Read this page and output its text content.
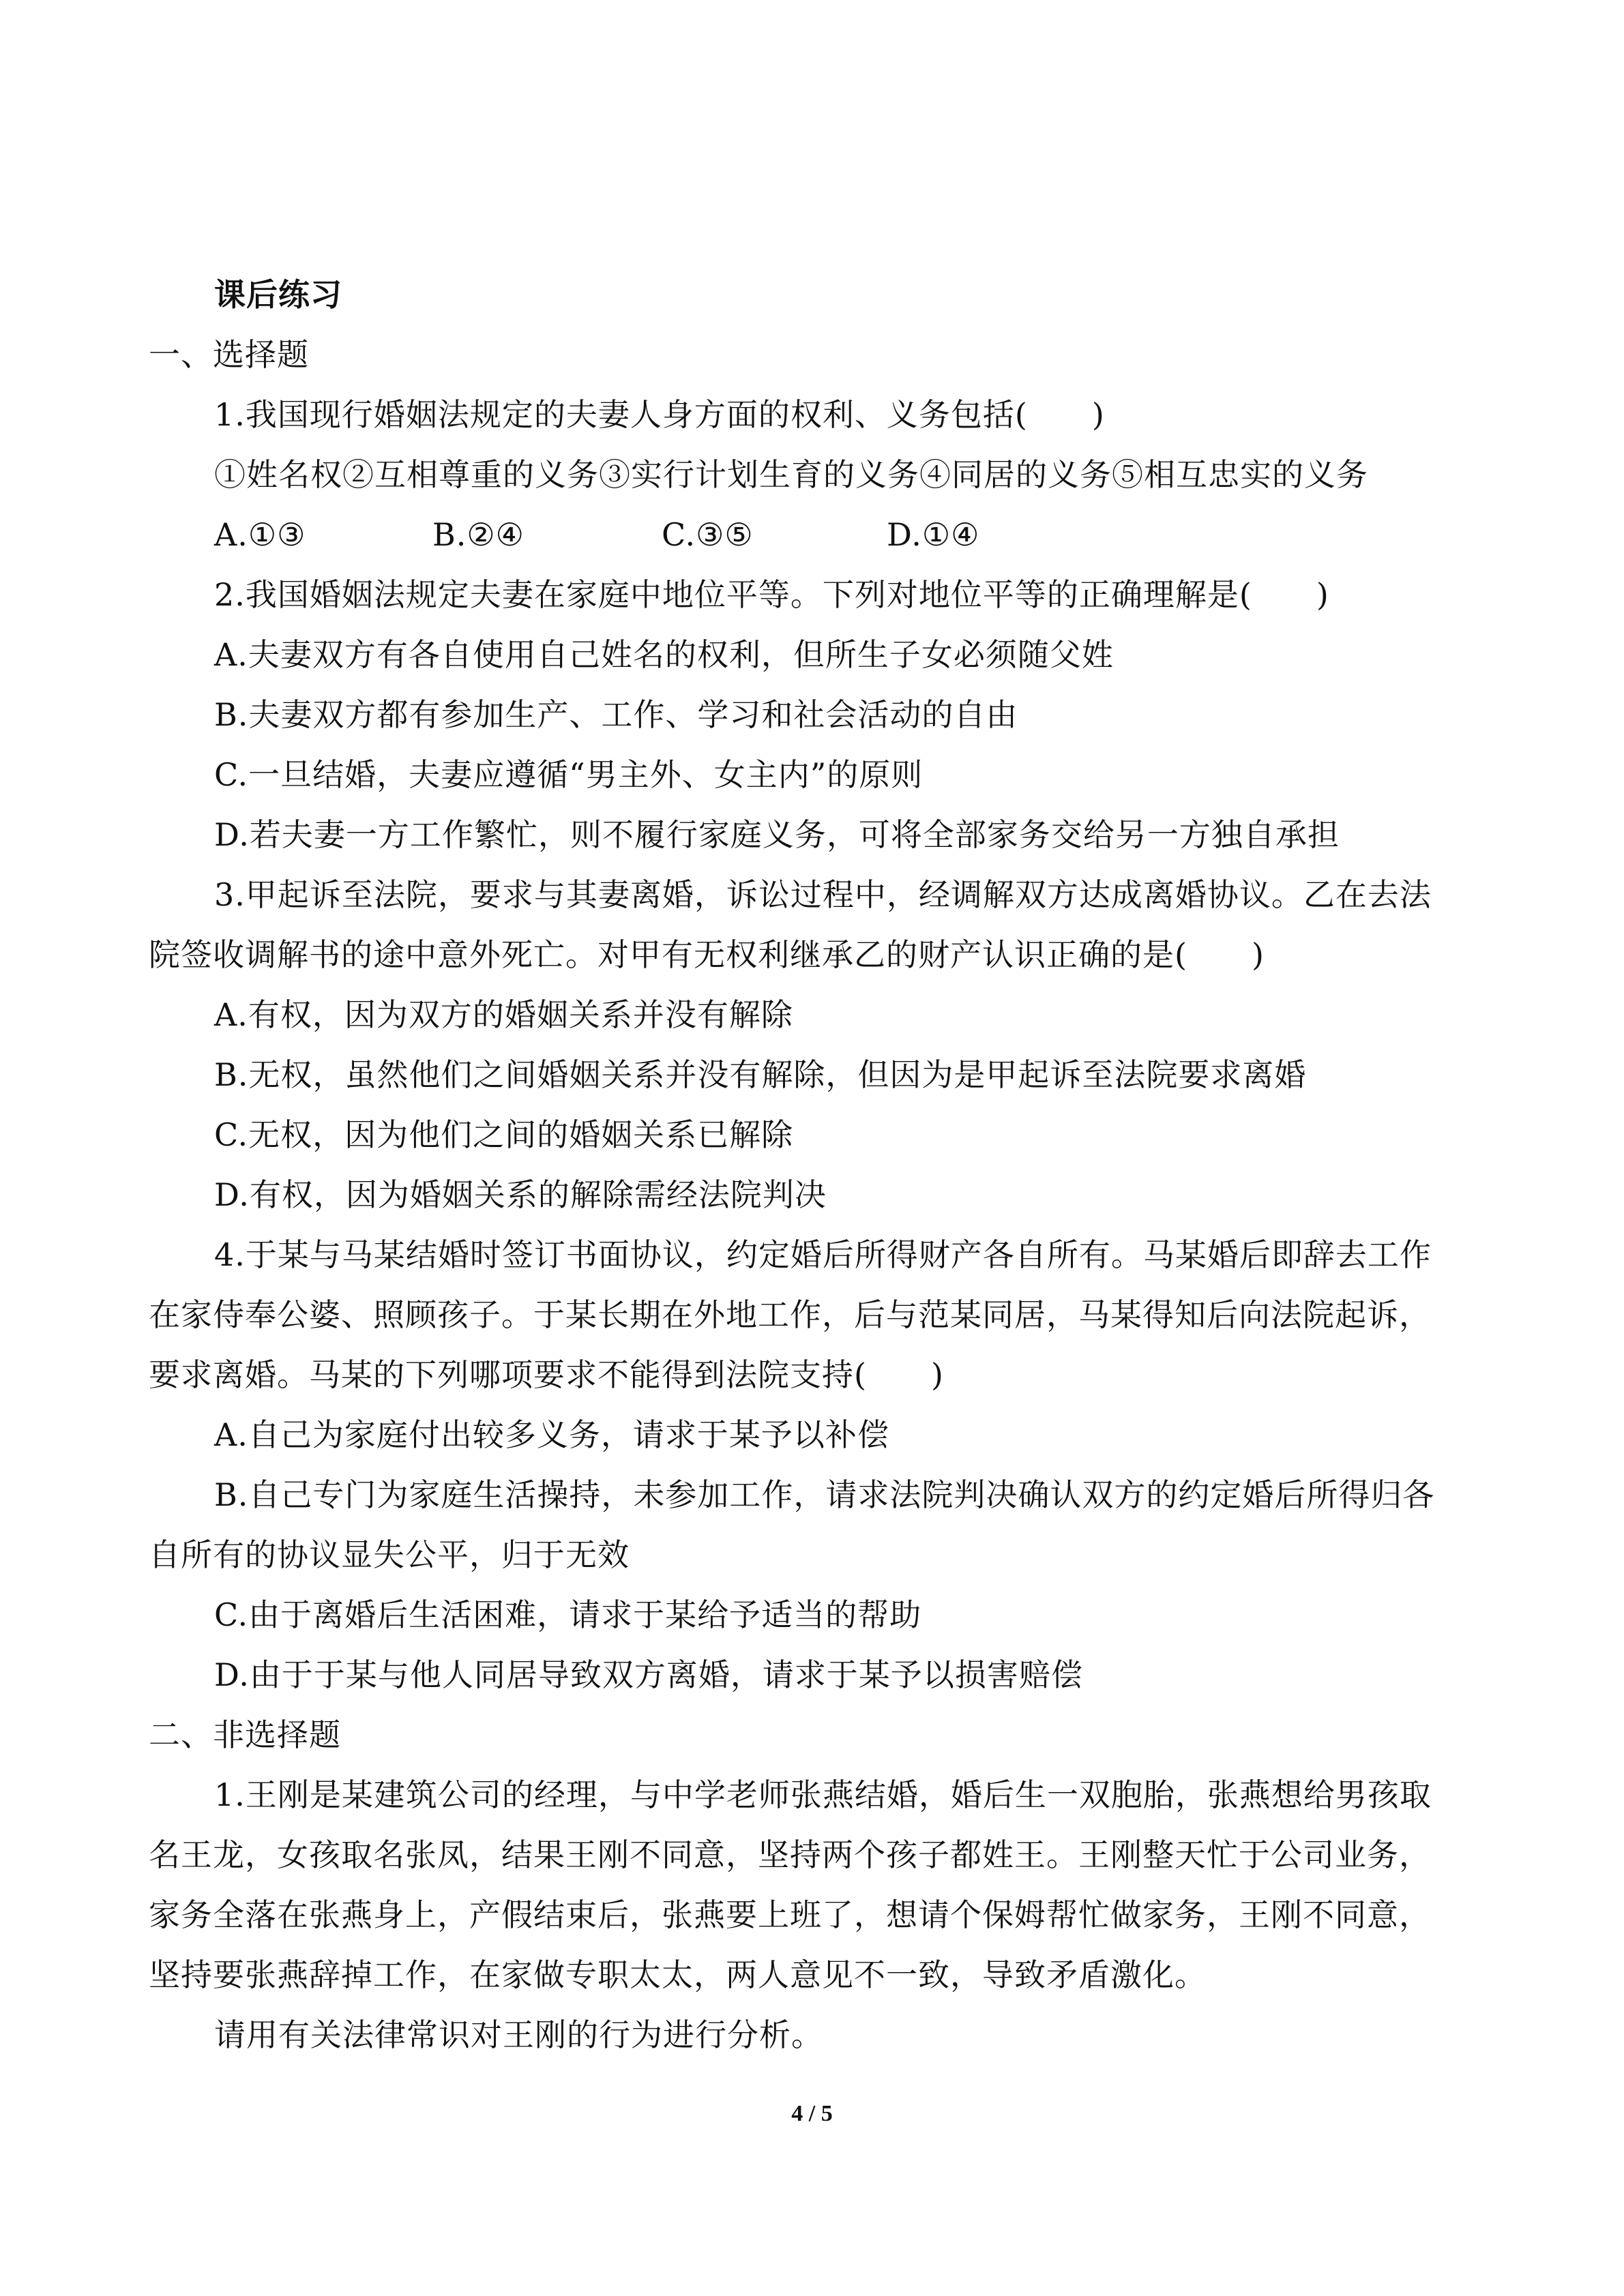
课后练习
一、选择题
1.我国现行婚姻法规定的夫妻人身方面的权利、义务包括(　　)
①姓名权②互相尊重的义务③实行计划生育的义务④同居的义务⑤相互忠实的义务
A.①③	B.②④	C.③⑤	D.①④
2.我国婚姻法规定夫妻在家庭中地位平等。下列对地位平等的正确理解是(　　)
A.夫妻双方有各自使用自己姓名的权利，但所生子女必须随父姓
B.夫妻双方都有参加生产、工作、学习和社会活动的自由
C.一旦结婚，夫妻应遵循“男主外、女主内”的原则
D.若夫妻一方工作繁忙，则不履行家庭义务，可将全部家务交给另一方独自承担
3.甲起诉至法院，要求与其妻离婚，诉讼过程中，经调解双方达成离婚协议。乙在去法
院签收调解书的途中意外死亡。对甲有无权利继承乙的财产认识正确的是(　　)
A.有权，因为双方的婚姻关系并没有解除
B.无权，虽然他们之间婚姻关系并没有解除，但因为是甲起诉至法院要求离婚
C.无权，因为他们之间的婚姻关系已解除
D.有权，因为婚姻关系的解除需经法院判决
4.于某与马某结婚时签订书面协议，约定婚后所得财产各自所有。马某婚后即辞去工作
在家侍奉公婆、照顾孩子。于某长期在外地工作，后与范某同居，马某得知后向法院起诉，
要求离婚。马某的下列哪项要求不能得到法院支持(　　)
A.自己为家庭付出较多义务，请求于某予以补偿
B.自己专门为家庭生活操持，未参加工作，请求法院判决确认双方的约定婚后所得归各
自所有的协议显失公平，归于无效
C.由于离婚后生活困难，请求于某给予适当的帮助
D.由于于某与他人同居导致双方离婚，请求于某予以损害赔偿
二、非选择题
1.王刚是某建筑公司的经理，与中学老师张燕结婚，婚后生一双胞胎，张燕想给男孩取
名王龙，女孩取名张凤，结果王刚不同意，坚持两个孩子都姓王。王刚整天忙于公司业务，
家务全落在张燕身上，产假结束后，张燕要上班了，想请个保姆帮忙做家务，王刚不同意，
坚持要张燕辞掉工作，在家做专职太太，两人意见不一致，导致矛盾激化。
请用有关法律常识对王刚的行为进行分析。
4 / 5
